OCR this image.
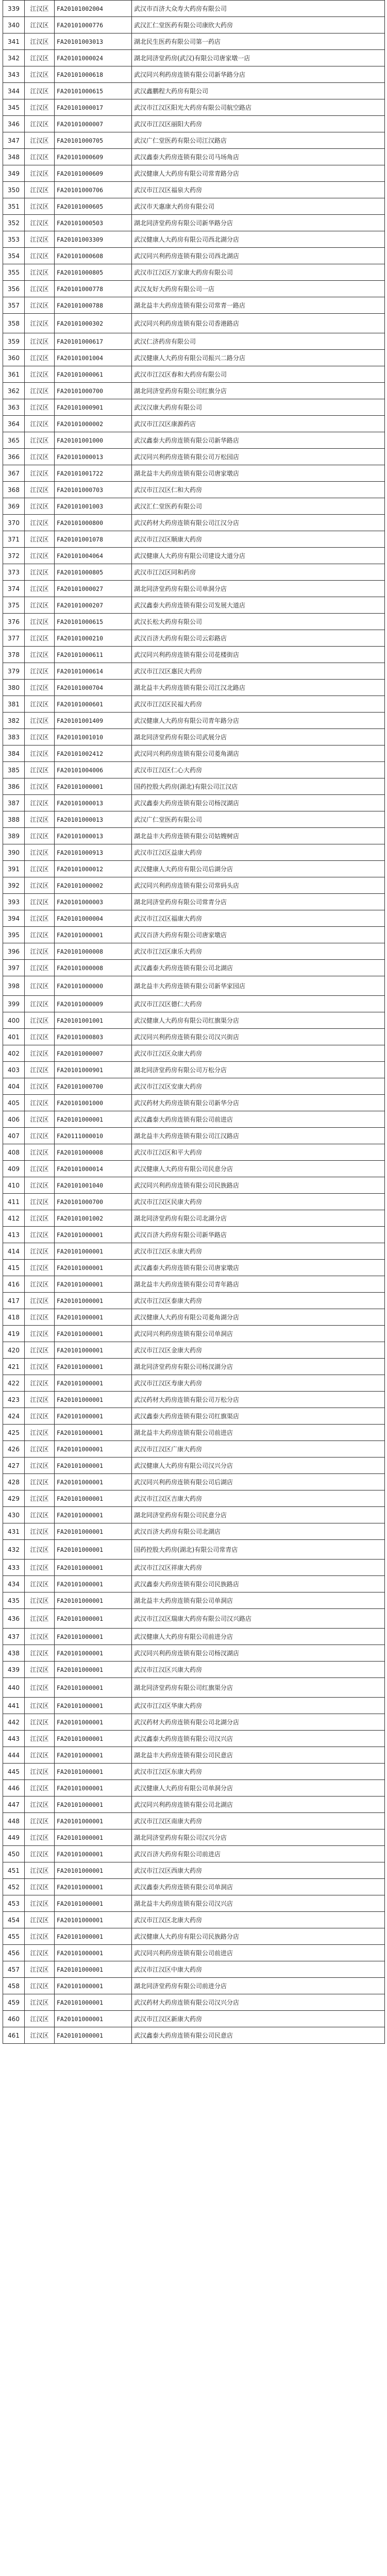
339	江汉区	FA20101002004	武汉市百济大众寿大药房有限公司
340	江汉区	FA20101000776	武汉汇仁堂医药有限公司康欣大药房
341	江汉区	FA20101003013	湖北民生医药有限公司第一药店
342	江汉区	FA20101000024	湖北同济堂药房(武汉)有限公司唐家墩一店
343	江汉区	FA20101000618	武汉同兴利药房连锁有限公司新华路分店
344	江汉区	FA20101000615	武汉鑫鹏程大药房有限公司
345	江汉区	FA20101000017	武汉市江汉区阳光大药房有限公司航空路店
346	江汉区	FA20101000007	武汉市江汉区丽阳大药房
347	江汉区	FA20101000705	武汉广仁堂医药有限公司江汉路店
348	江汉区	FA20101000609	武汉鑫泰大药房连锁有限公司马场角店
349	江汉区	FA20101000609	武汉健康人大药房有限公司常青路分店
350	江汉区	FA20101000706	武汉市江汉区福泉大药房
351	江汉区	FA20101000605	武汉市天惠康大药房有限公司
352	江汉区	FA20101000503	湖北同济堂药房有限公司新华路分店
353	江汉区	FA20101003309	武汉健康人大药房有限公司西北湖分店
354	江汉区	FA20101000608	武汉同兴利药房连锁有限公司西北湖店
355	江汉区	FA20101000805	武汉市江汉区万家康大药房有限公司
356	江汉区	FA20101000778	武汉友好大药房有限公司一店
357	江汉区	FA20101000788	湖北益丰大药房连锁有限公司常青一路店
358	江汉区	FA20101000302	武汉同兴利药房连锁有限公司香港路店
359	江汉区	FA20101000617	武汉仁济药房有限公司
360	江汉区	FA20101001004	武汉健康人大药房有限公司振兴二路分店
361	江汉区	FA20101000061	武汉市江汉区春和大药房有限公司
362	江汉区	FA20101000700	湖北同济堂药房有限公司红旗分店
363	江汉区	FA20101000901	武汉汉康大药房有限公司
364	江汉区	FA20101000002	武汉市江汉区康源药店
365	江汉区	FA20101001000	武汉鑫泰大药房连锁有限公司新华路店
366	江汉区	FA20101000013	武汉同兴利药房连锁有限公司万松园店
367	江汉区	FA20101001722	湖北益丰大药房连锁有限公司唐家墩店
368	江汉区	FA20101000703	武汉市江汉区仁和大药房
369	江汉区	FA20101001003	武汉汇仁堂医药有限公司
370	江汉区	FA20101000800	武汉药材大药房连锁有限公司江汉分店
371	江汉区	FA20101001078	武汉市江汉区顺康大药房
372	江汉区	FA20101004064	武汉健康人大药房有限公司建设大道分店
373	江汉区	FA20101000805	武汉市江汉区同和药房
374	江汉区	FA20101000027	湖北同济堂药房有限公司单洞分店
375	江汉区	FA20101000207	武汉鑫泰大药房连锁有限公司发展大道店
376	江汉区	FA20101000615	武汉长松大药房有限公司
377	江汉区	FA20101000210	武汉百济大药房有限公司云彩路店
378	江汉区	FA20101000611	武汉同兴利药房连锁有限公司花楼街店
379	江汉区	FA20101000614	武汉市江汉区惠民大药房
380	江汉区	FA20101000704	湖北益丰大药房连锁有限公司江汉北路店
381	江汉区	FA20101000601	武汉市江汉区民福大药房
382	江汉区	FA20101001409	武汉健康人大药房有限公司青年路分店
383	江汉区	FA20101001010	湖北同济堂药房有限公司武展分店
384	江汉区	FA20101002412	武汉同兴利药房连锁有限公司菱角湖店
385	江汉区	FA20101004006	武汉市江汉区仁心大药房
386	江汉区	FA20101000001	国药控股大药房(湖北)有限公司江汉店
387	江汉区	FA20101000013	武汉鑫泰大药房连锁有限公司杨汊湖店
388	江汉区	FA20101000013	武汉广仁堂医药有限公司
389	江汉区	FA20101000013	湖北益丰大药房连锁有限公司姑嫂树店
390	江汉区	FA20101000913	武汉市江汉区益康大药房
391	江汉区	FA20101000012	武汉健康人大药房有限公司后湖分店
392	江汉区	FA20101000002	武汉同兴利药房连锁有限公司常码头店
393	江汉区	FA20101000003	湖北同济堂药房有限公司常青分店
394	江汉区	FA20101000004	武汉市江汉区福康大药房
395	江汉区	FA20101000001	武汉百济大药房有限公司唐家墩店
396	江汉区	FA20101000008	武汉市江汉区康乐大药房
397	江汉区	FA20101000008	武汉鑫泰大药房连锁有限公司北湖店
398	江汉区	FA20101000000	湖北益丰大药房连锁有限公司新华家园店
399	江汉区	FA20101000009	武汉市江汉区德仁大药房
400	江汉区	FA20101001001	武汉健康人大药房有限公司红旗渠分店
401	江汉区	FA20101000803	武汉同兴利药房连锁有限公司汉兴街店
402	江汉区	FA20101000007	武汉市江汉区众康大药房
403	江汉区	FA20101000901	湖北同济堂药房有限公司万松分店
404	江汉区	FA20101000700	武汉市江汉区安康大药房
405	江汉区	FA20101001000	武汉药材大药房连锁有限公司新华分店
406	江汉区	FA20101000001	武汉鑫泰大药房连锁有限公司前进店
407	江汉区	FA20111000010	湖北益丰大药房连锁有限公司江汉路店
408	江汉区	FA20101000008	武汉市江汉区和平大药房
409	江汉区	FA20101000014	武汉健康人大药房有限公司民意分店
410	江汉区	FA20101001040	武汉同兴利药房连锁有限公司民族路店
411	江汉区	FA20101000700	武汉市江汉区民康大药房
412	江汉区	FA20101001002	湖北同济堂药房有限公司北湖分店
413	江汉区	FA20101000001	武汉百济大药房有限公司新华路店
414	江汉区	FA20101000001	武汉市江汉区永康大药房
415	江汉区	FA20101000001	武汉鑫泰大药房连锁有限公司唐家墩店
416	江汉区	FA20101000001	湖北益丰大药房连锁有限公司青年路店
417	江汉区	FA20101000001	武汉市江汉区泰康大药房
418	江汉区	FA20101000001	武汉健康人大药房有限公司菱角湖分店
419	江汉区	FA20101000001	武汉同兴利药房连锁有限公司单洞店
420	江汉区	FA20101000001	武汉市江汉区金康大药房
421	江汉区	FA20101000001	湖北同济堂药房有限公司杨汊湖分店
422	江汉区	FA20101000001	武汉市江汉区寿康大药房
423	江汉区	FA20101000001	武汉药材大药房连锁有限公司万松分店
424	江汉区	FA20101000001	武汉鑫泰大药房连锁有限公司红旗渠店
425	江汉区	FA20101000001	湖北益丰大药房连锁有限公司前进店
426	江汉区	FA20101000001	武汉市江汉区广康大药房
427	江汉区	FA20101000001	武汉健康人大药房有限公司汉兴分店
428	江汉区	FA20101000001	武汉同兴利药房连锁有限公司后湖店
429	江汉区	FA20101000001	武汉市江汉区吉康大药房
430	江汉区	FA20101000001	湖北同济堂药房有限公司民意分店
431	江汉区	FA20101000001	武汉百济大药房有限公司北湖店
432	江汉区	FA20101000001	国药控股大药房(湖北)有限公司常青店
433	江汉区	FA20101000001	武汉市江汉区祥康大药房
434	江汉区	FA20101000001	武汉鑫泰大药房连锁有限公司民族路店
435	江汉区	FA20101000001	湖北益丰大药房连锁有限公司单洞店
436	江汉区	FA20101000001	武汉市江汉区瑞康大药房有限公司汉兴路店
437	江汉区	FA20101000001	武汉健康人大药房有限公司前进分店
438	江汉区	FA20101000001	武汉同兴利药房连锁有限公司杨汊湖店
439	江汉区	FA20101000001	武汉市江汉区兴康大药房
440	江汉区	FA20101000001	湖北同济堂药房有限公司红旗渠分店
441	江汉区	FA20101000001	武汉市江汉区华康大药房
442	江汉区	FA20101000001	武汉药材大药房连锁有限公司北湖分店
443	江汉区	FA20101000001	武汉鑫泰大药房连锁有限公司汉兴店
444	江汉区	FA20101000001	湖北益丰大药房连锁有限公司民意店
445	江汉区	FA20101000001	武汉市江汉区东康大药房
446	江汉区	FA20101000001	武汉健康人大药房有限公司单洞分店
447	江汉区	FA20101000001	武汉同兴利药房连锁有限公司北湖店
448	江汉区	FA20101000001	武汉市江汉区南康大药房
449	江汉区	FA20101000001	湖北同济堂药房有限公司汉兴分店
450	江汉区	FA20101000001	武汉百济大药房有限公司前进店
451	江汉区	FA20101000001	武汉市江汉区西康大药房
452	江汉区	FA20101000001	武汉鑫泰大药房连锁有限公司单洞店
453	江汉区	FA20101000001	湖北益丰大药房连锁有限公司汉兴店
454	江汉区	FA20101000001	武汉市江汉区北康大药房
455	江汉区	FA20101000001	武汉健康人大药房有限公司民族路分店
456	江汉区	FA20101000001	武汉同兴利药房连锁有限公司前进店
457	江汉区	FA20101000001	武汉市江汉区中康大药房
458	江汉区	FA20101000001	湖北同济堂药房有限公司前进分店
459	江汉区	FA20101000001	武汉药材大药房连锁有限公司汉兴分店
460	江汉区	FA20101000001	武汉市江汉区新康大药房
461	江汉区	FA20101000001	武汉鑫泰大药房连锁有限公司民意店
